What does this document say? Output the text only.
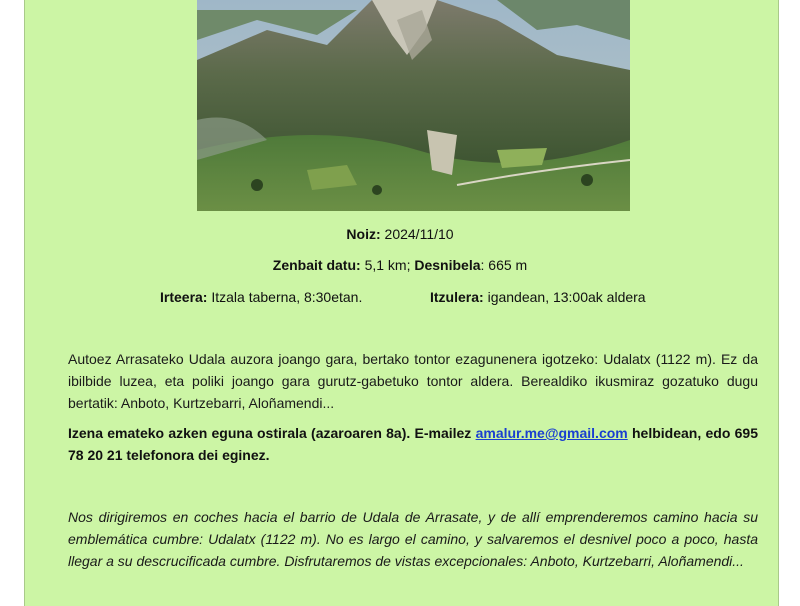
Noiz: 2024/11/10
Zenbait datu: 5,1 km; Desnibela: 665 m
Irteera: Itzala taberna, 8:30etan.	Itzulera: igandean, 13:00ak aldera

Autoez Arrasateko Udala auzora joango gara, bertako tontor ezagunenera igotzeko: Udalatx (1122 m). Ez da ibilbide luzea, eta poliki joango gara gurutz-gabetuko tontor aldera. Berealdiko ikusmiraz gozatuko dugu bertatik: Anboto, Kurtzebarri, Aloñamendi...

Izena emateko azken eguna ostirala (azaroaren 8a). E-mailez amalur.me@gmail.com helbidean, edo 695 78 20 21 telefonora dei eginez.

Nos dirigiremos en coches hacia el barrio de Udala de Arrasate, y de allí emprenderemos camino hacia su emblemática cumbre: Udalatx (1122 m). No es largo el camino, y salvaremos el desnivel poco a poco, hasta llegar a su descrucificada cumbre. Disfrutaremos de vistas excepcionales: Anboto, Kurtzebarri, Aloñamendi...
